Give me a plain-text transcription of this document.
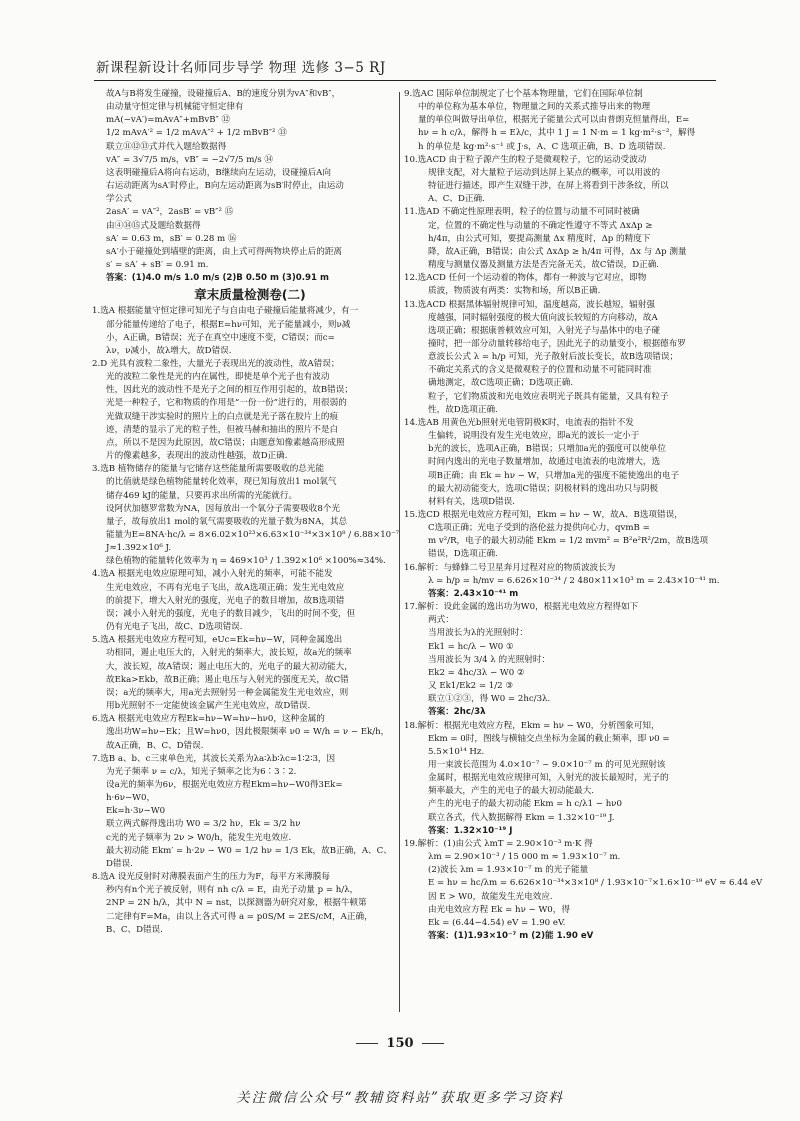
新课程新设计名师同步导学 物理 选修 3−5 RJ
故A与B将发生碰撞，设碰撞后A、B的速度分别为vA″和vB″，
由动量守恒定律与机械能守恒定律有
mA(−vA′)=mAvA″+mBvB″ ⑫
1/2 mAvA′² = 1/2 mAvA″² + 1/2 mBvB″² ⑬
联立⑪⑫⑬式并代入题给数据得
vA″ = 3√7/5 m/s，vB″ = −2√7/5 m/s ⑭
这表明碰撞后A将向右运动，B继续向左运动，设碰撞后A向
右运动距离为sA′时停止，B向左运动距离为sB′时停止，由运动
学公式
2asA′ = vA″²，2asB′ = vB″² ⑮
由④⑭⑮式及题给数据得
sA′ = 0.63 m，sB′ = 0.28 m ⑯
sA′小于碰撞处到墙壁的距离，由上式可得两物块停止后的距离
s′ = sA′ + sB′ = 0.91 m.
答案：(1)4.0 m/s 1.0 m/s (2)B 0.50 m (3)0.91 m
章末质量检测卷(二)
1.选A 根据能量守恒定律可知光子与自由电子碰撞后能量将减少，有一
部分能量传递给了电子，根据E=hν可知，光子能量减小，则ν减
小，A正确，B错误；光子在真空中速度不变，C错误；而c=
λν，ν减小，故λ增大，故D错误.
2.D 光具有波粒二象性，大量光子表现出光的波动性，故A错误；
光的波粒二象性是光的内在属性，即使是单个光子也有波动
性，因此光的波动性不是光子之间的相互作用引起的，故B错误；
光是一种粒子，它和物质的作用是“一份一份”进行的，用很弱的
光做双缝干涉实验时的照片上的白点就是光子落在胶片上的痕
迹，清楚的显示了光的粒子性，但被马赫和抽出的照片不是白
点，所以不是因为此原因，故C错误；由题意知像素越高形成照
片的像素越多，表现出的波动性越强，故D正确.
3.选B 植物储存的能量与它储存这些能量所需要吸收的总光能
的比值就是绿色植物能量转化效率，现已知每放出1 mol氧气
储存469 kJ的能量，只要再求出所需的光能就行。
设阿伏加德罗常数为NA，因每放出一个氧分子需要吸收8个光
量子，故每放出1 mol的氧气需要吸收的光量子数为8NA，其总
能量为E=8NA·hc/λ = 8×6.02×10²³×6.63×10⁻³⁴×3×10⁸ / 6.88×10⁻⁷
J≈1.392×10⁶ J.
绿色植物的能量转化效率为 η = 469×10³ / 1.392×10⁶ ×100%≈34%.
4.选A 根据光电效应原理可知，减小入射光的频率，可能不能发
生光电效应，不再有光电子飞出，故A选项正确；发生光电效应
的前提下，增大入射光的强度，光电子的数目增加，故B选项错
误；减小入射光的强度，光电子的数目减少，飞出的时间不变，但
仍有光电子飞出，故C、D选项错误.
5.选A 根据光电效应方程可知，eUc=Ek=hν−W，同种金属逸出
功相同，遏止电压大的，入射光的频率大，波长短，故a光的频率
大，波长短，故A错误；遏止电压大的，光电子的最大初动能大，
故Eka>Ekb，故B正确；遏止电压与入射光的强度无关，故C错
误；a光的频率大，用a光去照射另一种金属能发生光电效应，则
用b光照射不一定能使该金属产生光电效应，故D错误.
6.选A 根据光电效应方程Ek=hν−W=hν−hν0，这种金属的
逸出功W=hν−Ek；且W=hν0，因此极限频率 ν0 = W/h = ν − Ek/h，
故A正确，B、C、D错误.
7.选B a、b、c三束单色光，其波长关系为λa∶λb∶λc=1∶2∶3，因
为光子频率 ν = c/λ，知光子频率之比为6∶3∶2.
设a光的频率为6ν，根据光电效应方程Ekm=hν−W0得3Ek=
h·6ν−W0，
Ek=h·3ν−W0
联立两式解得逸出功 W0 = 3/2 hν，Ek = 3/2 hν
c光的光子频率为 2ν > W0/h，能发生光电效应.
最大初动能 Ekm′ = h·2ν − W0 = 1/2 hν = 1/3 Ek，故B正确，A、C、
D错误.
8.选A 设光反射时对薄膜表面产生的压力为F，每平方米薄膜每
秒内有n个光子被反射，则有 nh c/λ = E，由光子动量 p = h/λ，
2NP = 2N h/λ，其中 N = nst，以探测器为研究对象，根据牛顿第
二定律有F=Ma，由以上各式可得 a = p0S/M = 2ES/cM，A正确，
B、C、D错误.
9.选AC 国际单位制规定了七个基本物理量，它们在国际单位制
中的单位称为基本单位，物理量之间的关系式推导出来的物理
量的单位叫做导出单位，根据光子能量公式可以由普朗克恒量得出，E=
hν = h c/λ，解得 h = Eλ/c，其中 1 J = 1 N·m = 1 kg·m²·s⁻²，解得
h 的单位是 kg·m²·s⁻¹ 或 J·s，A、C 选项正确，B、D 选项错误.
10.选ACD 由于粒子源产生的粒子是微观粒子，它的运动受波动
规律支配，对大量粒子运动到达屏上某点的概率，可以用波的
特征进行描述，即产生双缝干涉，在屏上将看到干涉条纹，所以
A、C、D正确.
11.选AD 不确定性原理表明，粒子的位置与动量不可同时被确
定，位置的不确定性与动量的不确定性遵守不等式 ΔxΔp ≥
h/4π，由公式可知，要提高测量 Δx 精度时，Δp 的精度下
降，故A正确，B错误；由公式 ΔxΔp ≥ h/4π 可得，Δx 与 Δp 测量
精度与测量仪器及测量方法是否完备无关，故C错误，D正确.
12.选ACD 任何一个运动着的物体，都有一种波与它对应，即物
质波，物质波有两类：实物和场，所以B正确.
13.选ACD 根据黑体辐射规律可知，温度越高，波长越短，辐射强
度越强，同时辐射强度的极大值向波长较短的方向移动，故A
选项正确；根据康普顿效应可知，入射光子与晶体中的电子碰
撞时，把一部分动量转移给电子，因此光子的动量变小，根据德布罗
意波长公式 λ = h/p 可知，光子散射后波长变长，故B选项错误；
不确定关系式的含义是微观粒子的位置和动量不可能同时准
确地测定，故C选项正确；D选项正确.
粒子，它们物质波和光电效应表明光子既具有能量，又具有粒子
性，故D选项正确.
14.选AB 用黄色光b照射光电管阴极K时，电流表的指针不发
生偏转，说明没有发生光电效应，即a光的波长一定小于
b光的波长，选项A正确，B错误；只增加a光的强度可以使单位
时间内逸出的光电子数量增加，故通过电流表的电流增大，选
项B正确；由 Ek = hν − W，只增加a光的强度不能使逸出的电子
的最大初动能变大，选项C错误；阴极材料的逸出功只与阴极
材料有关，选项D错误.
15.选CD 根据光电效应方程可知，Ekm = hν − W，故A、B选项错误，
C选项正确；光电子受到的洛伦兹力提供向心力，qvmB =
m v²/R，电子的最大初动能 Ekm = 1/2 mvm² = B²e²R²/2m，故B选项
错误，D选项正确.
16.解析：与蜂蜂二号卫星奔月过程对应的物质波波长为
λ = h/p = h/mv = 6.626×10⁻³⁴ / 2 480×11×10³ m = 2.43×10⁻⁴¹ m.
答案：2.43×10⁻⁴¹ m
17.解析：设此金属的逸出功为W0，根据光电效应方程得如下
两式：
当用波长为λ的光照射时：
Ek1 = hc/λ − W0 ①
当用波长为 3/4 λ 的光照射时：
Ek2 = 4hc/3λ − W0 ②
又 Ek1/Ek2 = 1/2 ③
联立①②③，得 W0 = 2hc/3λ.
答案：2hc/3λ
18.解析：根据光电效应方程，Ekm = hν − W0，分析图象可知，
Ekm = 0时，图线与横轴交点坐标为金属的截止频率，即 ν0 =
5.5×10¹⁴ Hz.
用一束波长范围为 4.0×10⁻⁷ ~ 9.0×10⁻⁷ m 的可见光照射该
金属时，根据光电效应规律可知，入射光的波长最短时，光子的
频率最大，产生的光电子的最大初动能最大.
产生的光电子的最大初动能 Ekm = h c/λ1 − hν0
联立各式，代入数据解得 Ekm = 1.32×10⁻¹⁹ J.
答案：1.32×10⁻¹⁹ J
19.解析：(1)由公式 λmT = 2.90×10⁻³ m·K 得
λm = 2.90×10⁻³ / 15 000 m ≈ 1.93×10⁻⁷ m.
(2)波长 λm = 1.93×10⁻⁷ m 的光子能量
E = hν = hc/λm = 6.626×10⁻³⁴×3×10⁸ / 1.93×10⁻⁷×1.6×10⁻¹⁹ eV ≈ 6.44 eV
因 E > W0，故能发生光电效应.
由光电效应方程 Ek = hν − W0，得
Ek = (6.44−4.54) eV = 1.90 eV.
答案：(1)1.93×10⁻⁷ m (2)能 1.90 eV
150
关注微信公众号“教辅资料站”获取更多学习资料
